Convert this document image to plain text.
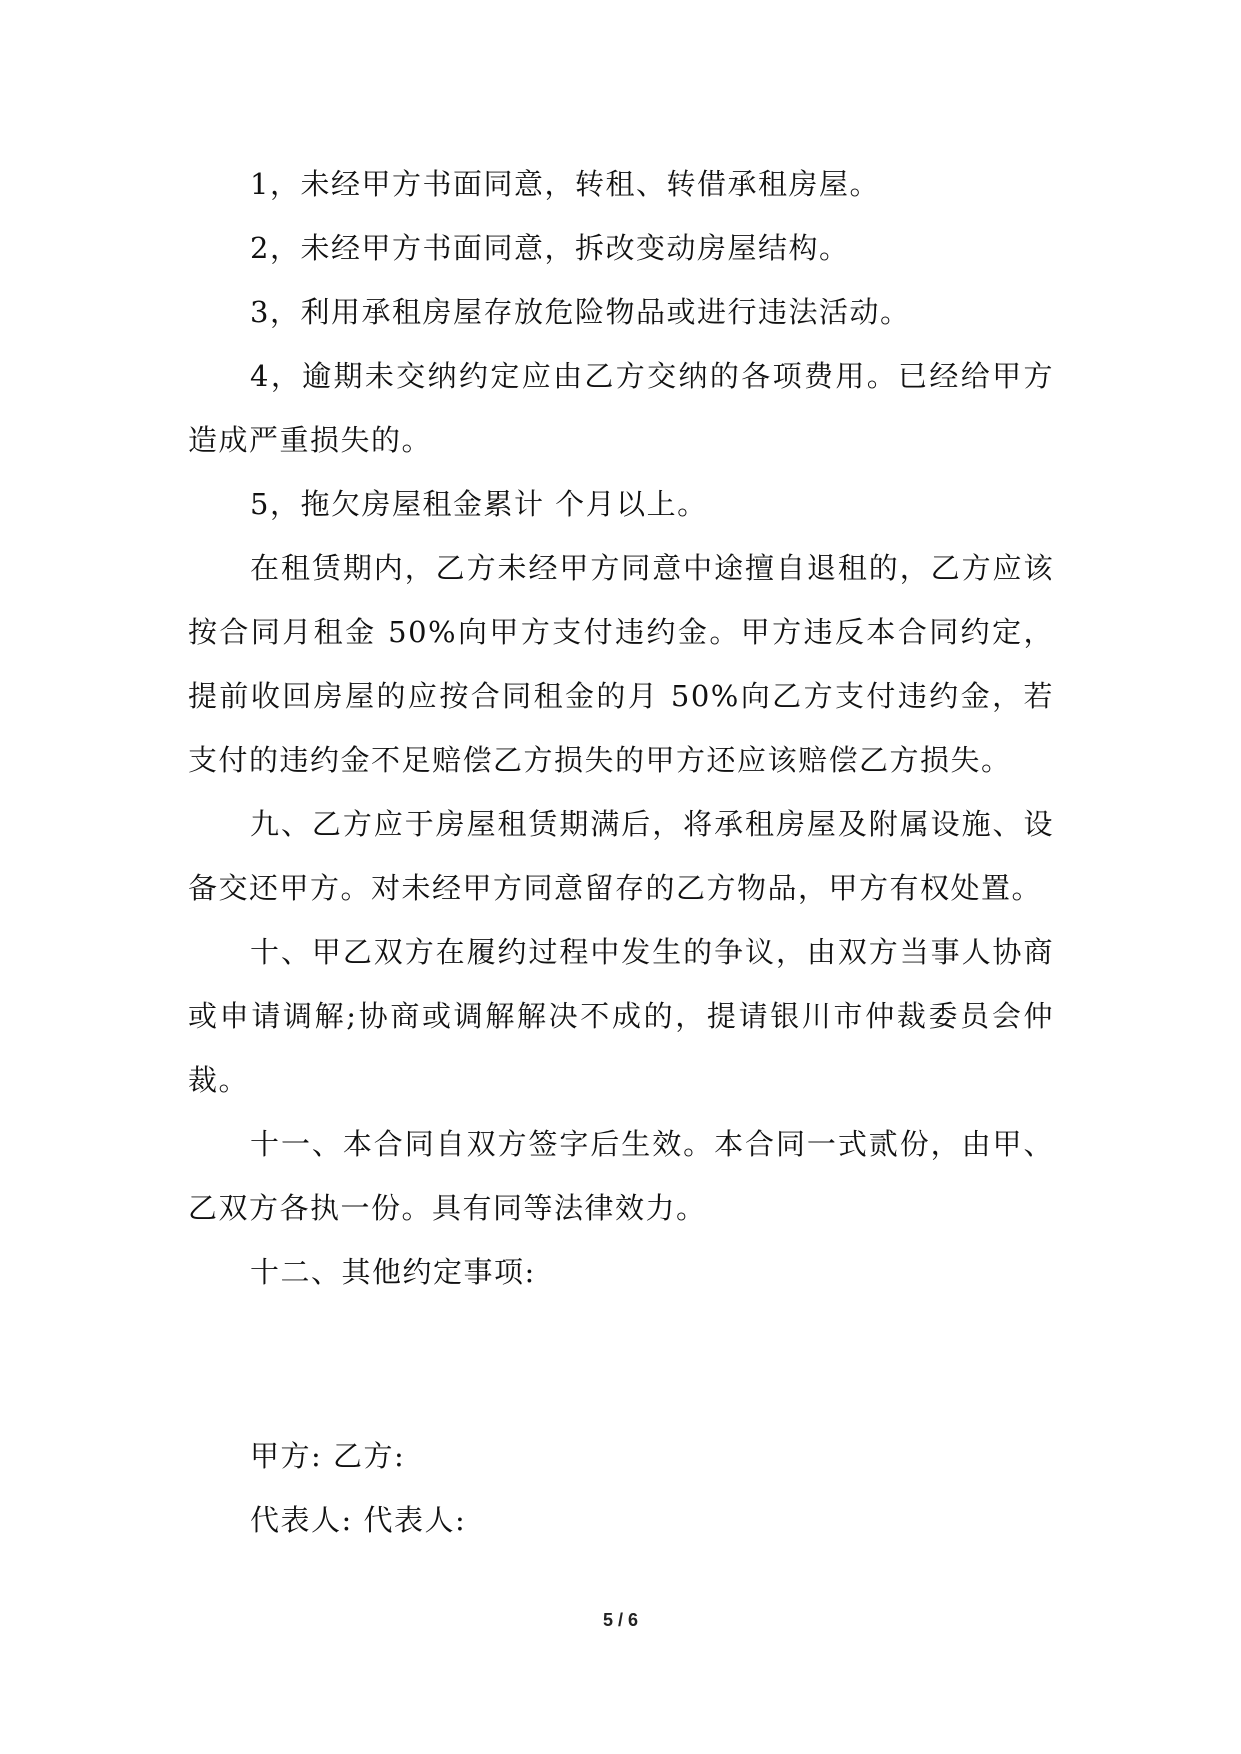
1，未经甲方书面同意，转租、转借承租房屋。

2，未经甲方书面同意，拆改变动房屋结构。

3，利用承租房屋存放危险物品或进行违法活动。

4，逾期未交纳约定应由乙方交纳的各项费用。已经给甲方造成严重损失的。

5，拖欠房屋租金累计 个月以上。

在租赁期内，乙方未经甲方同意中途擅自退租的，乙方应该按合同月租金 50%向甲方支付违约金。甲方违反本合同约定，提前收回房屋的应按合同租金的月 50%向乙方支付违约金，若支付的违约金不足赔偿乙方损失的甲方还应该赔偿乙方损失。

九、乙方应于房屋租赁期满后，将承租房屋及附属设施、设备交还甲方。对未经甲方同意留存的乙方物品，甲方有权处置。

十、甲乙双方在履约过程中发生的争议，由双方当事人协商或申请调解;协商或调解解决不成的，提请银川市仲裁委员会仲裁。

十一、本合同自双方签字后生效。本合同一式贰份，由甲、乙双方各执一份。具有同等法律效力。

十二、其他约定事项:

甲方: 乙方:

代表人: 代表人:

5 / 6
